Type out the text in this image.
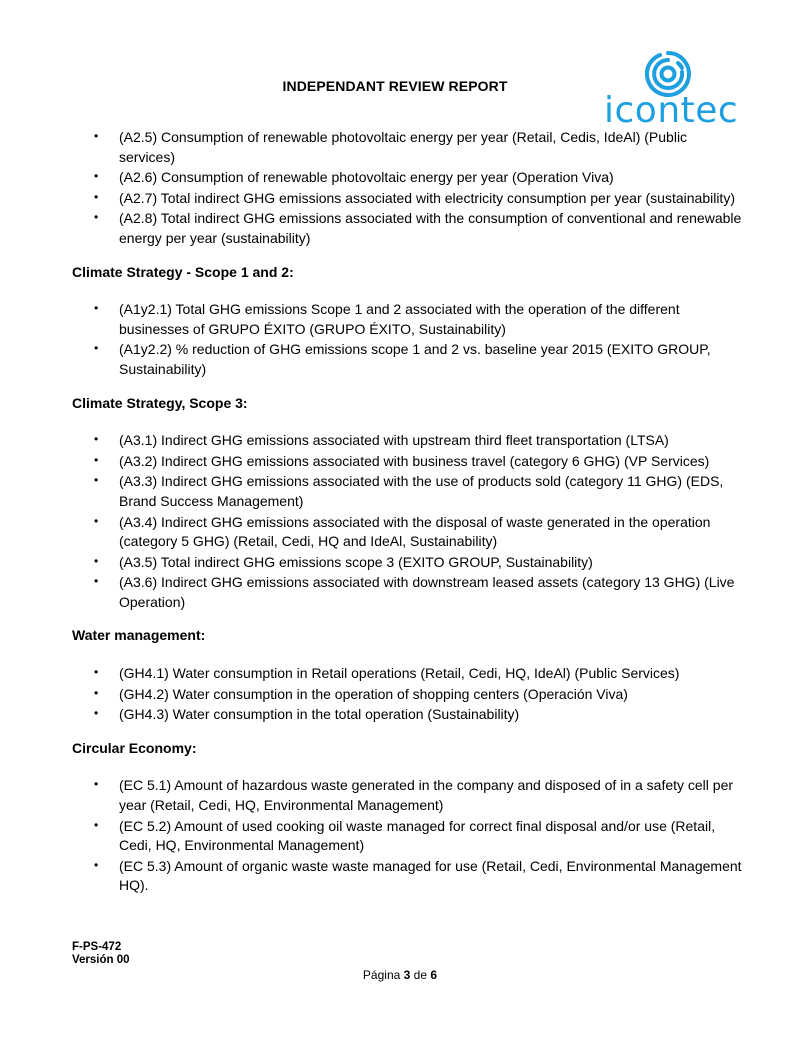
INDEPENDANT REVIEW REPORT
icontec
• (A2.5) Consumption of renewable photovoltaic energy per year (Retail, Cedis, IdeAl) (Public services)
• (A2.6) Consumption of renewable photovoltaic energy per year (Operation Viva)
• (A2.7) Total indirect GHG emissions associated with electricity consumption per year (sustainability)
• (A2.8) Total indirect GHG emissions associated with the consumption of conventional and renewable energy per year (sustainability)
Climate Strategy - Scope 1 and 2:
• (A1y2.1) Total GHG emissions Scope 1 and 2 associated with the operation of the different businesses of GRUPO ÉXITO (GRUPO ÉXITO, Sustainability)
• (A1y2.2) % reduction of GHG emissions scope 1 and 2 vs. baseline year 2015 (EXITO GROUP, Sustainability)
Climate Strategy, Scope 3:
• (A3.1) Indirect GHG emissions associated with upstream third fleet transportation (LTSA)
• (A3.2) Indirect GHG emissions associated with business travel (category 6 GHG) (VP Services)
• (A3.3) Indirect GHG emissions associated with the use of products sold (category 11 GHG) (EDS, Brand Success Management)
• (A3.4) Indirect GHG emissions associated with the disposal of waste generated in the operation (category 5 GHG) (Retail, Cedi, HQ and IdeAl, Sustainability)
• (A3.5) Total indirect GHG emissions scope 3 (EXITO GROUP, Sustainability)
• (A3.6) Indirect GHG emissions associated with downstream leased assets (category 13 GHG) (Live Operation)
Water management:
• (GH4.1) Water consumption in Retail operations (Retail, Cedi, HQ, IdeAl) (Public Services)
• (GH4.2) Water consumption in the operation of shopping centers (Operación Viva)
• (GH4.3) Water consumption in the total operation (Sustainability)
Circular Economy:
• (EC 5.1) Amount of hazardous waste generated in the company and disposed of in a safety cell per year (Retail, Cedi, HQ, Environmental Management)
• (EC 5.2) Amount of used cooking oil waste managed for correct final disposal and/or use (Retail, Cedi, HQ, Environmental Management)
• (EC 5.3) Amount of organic waste waste managed for use (Retail, Cedi, Environmental Management HQ).
F-PS-472
Versión 00
Página 3 de 6
